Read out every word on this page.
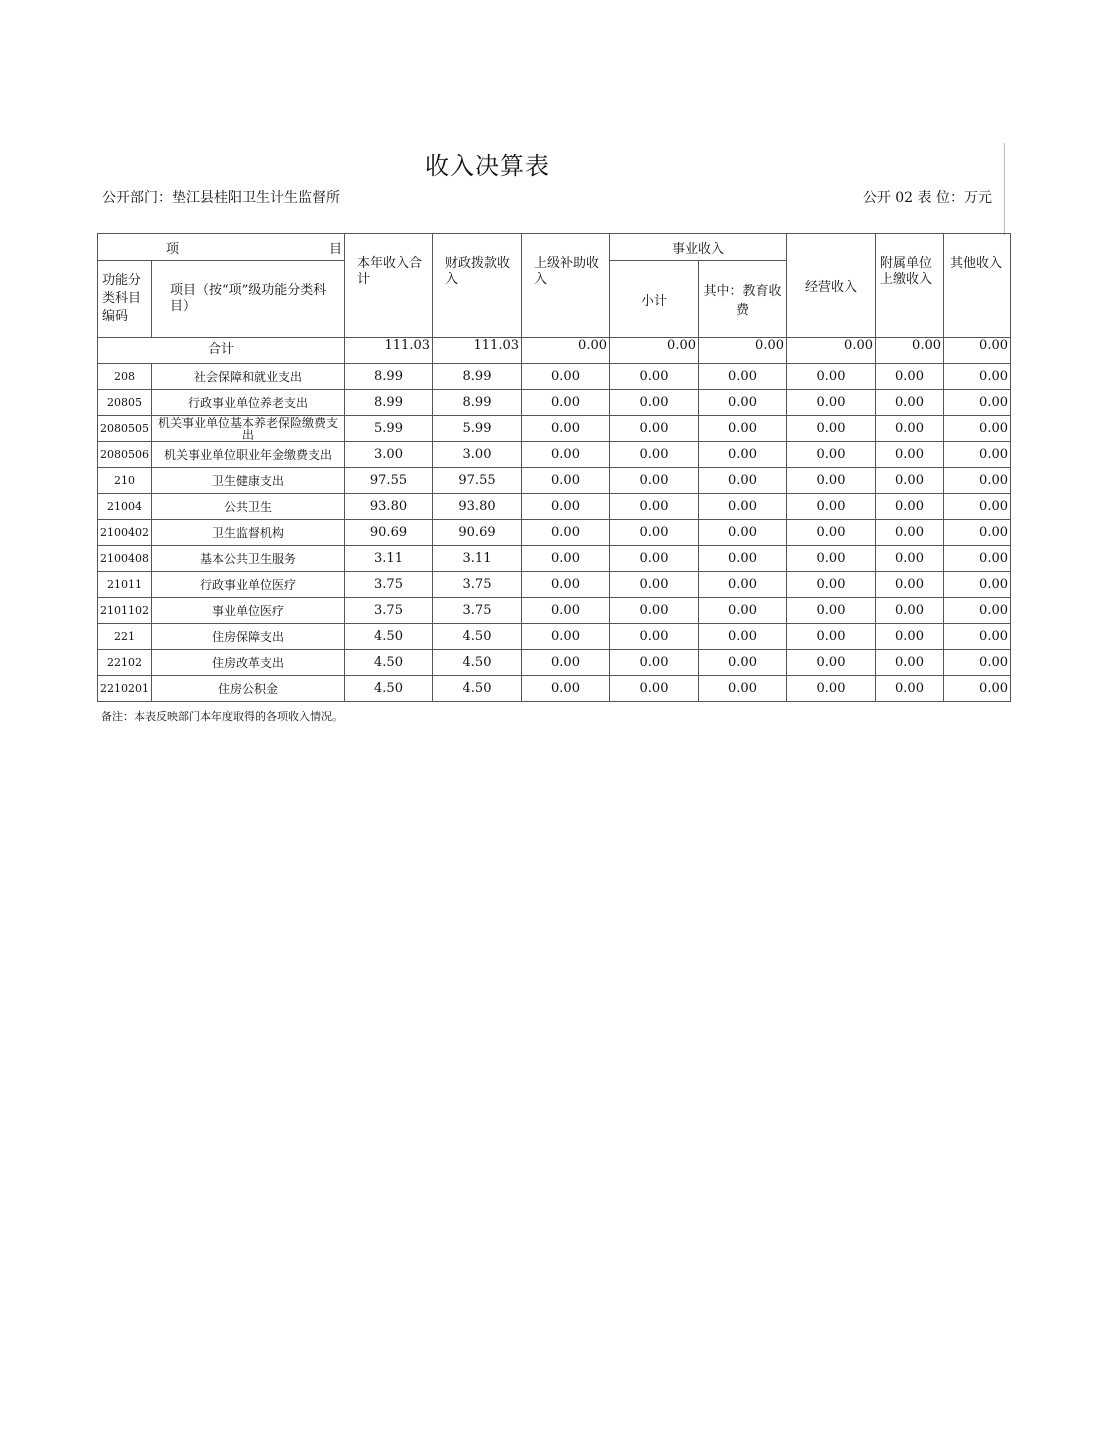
收入决算表
公开部门：垫江县桂阳卫生计生监督所	公开 02 表 位：万元
项 目		本年收入合计	财政拨款收入	上级补助收入	事业收入		经营收入	附属单位上缴收入	其他收入
功能分类科目编码	项目（按“项”级功能分类科目）				小计	其中：教育收费			
合计		111.03	111.03	0.00	0.00	0.00	0.00	0.00	0.00
208	社会保障和就业支出	8.99	8.99	0.00	0.00	0.00	0.00	0.00	0.00
20805	行政事业单位养老支出	8.99	8.99	0.00	0.00	0.00	0.00	0.00	0.00
2080505	机关事业单位基本养老保险缴费支出	5.99	5.99	0.00	0.00	0.00	0.00	0.00	0.00
2080506	机关事业单位职业年金缴费支出	3.00	3.00	0.00	0.00	0.00	0.00	0.00	0.00
210	卫生健康支出	97.55	97.55	0.00	0.00	0.00	0.00	0.00	0.00
21004	公共卫生	93.80	93.80	0.00	0.00	0.00	0.00	0.00	0.00
2100402	卫生监督机构	90.69	90.69	0.00	0.00	0.00	0.00	0.00	0.00
2100408	基本公共卫生服务	3.11	3.11	0.00	0.00	0.00	0.00	0.00	0.00
21011	行政事业单位医疗	3.75	3.75	0.00	0.00	0.00	0.00	0.00	0.00
2101102	事业单位医疗	3.75	3.75	0.00	0.00	0.00	0.00	0.00	0.00
221	住房保障支出	4.50	4.50	0.00	0.00	0.00	0.00	0.00	0.00
22102	住房改革支出	4.50	4.50	0.00	0.00	0.00	0.00	0.00	0.00
2210201	住房公积金	4.50	4.50	0.00	0.00	0.00	0.00	0.00	0.00
备注：本表反映部门本年度取得的各项收入情况。
